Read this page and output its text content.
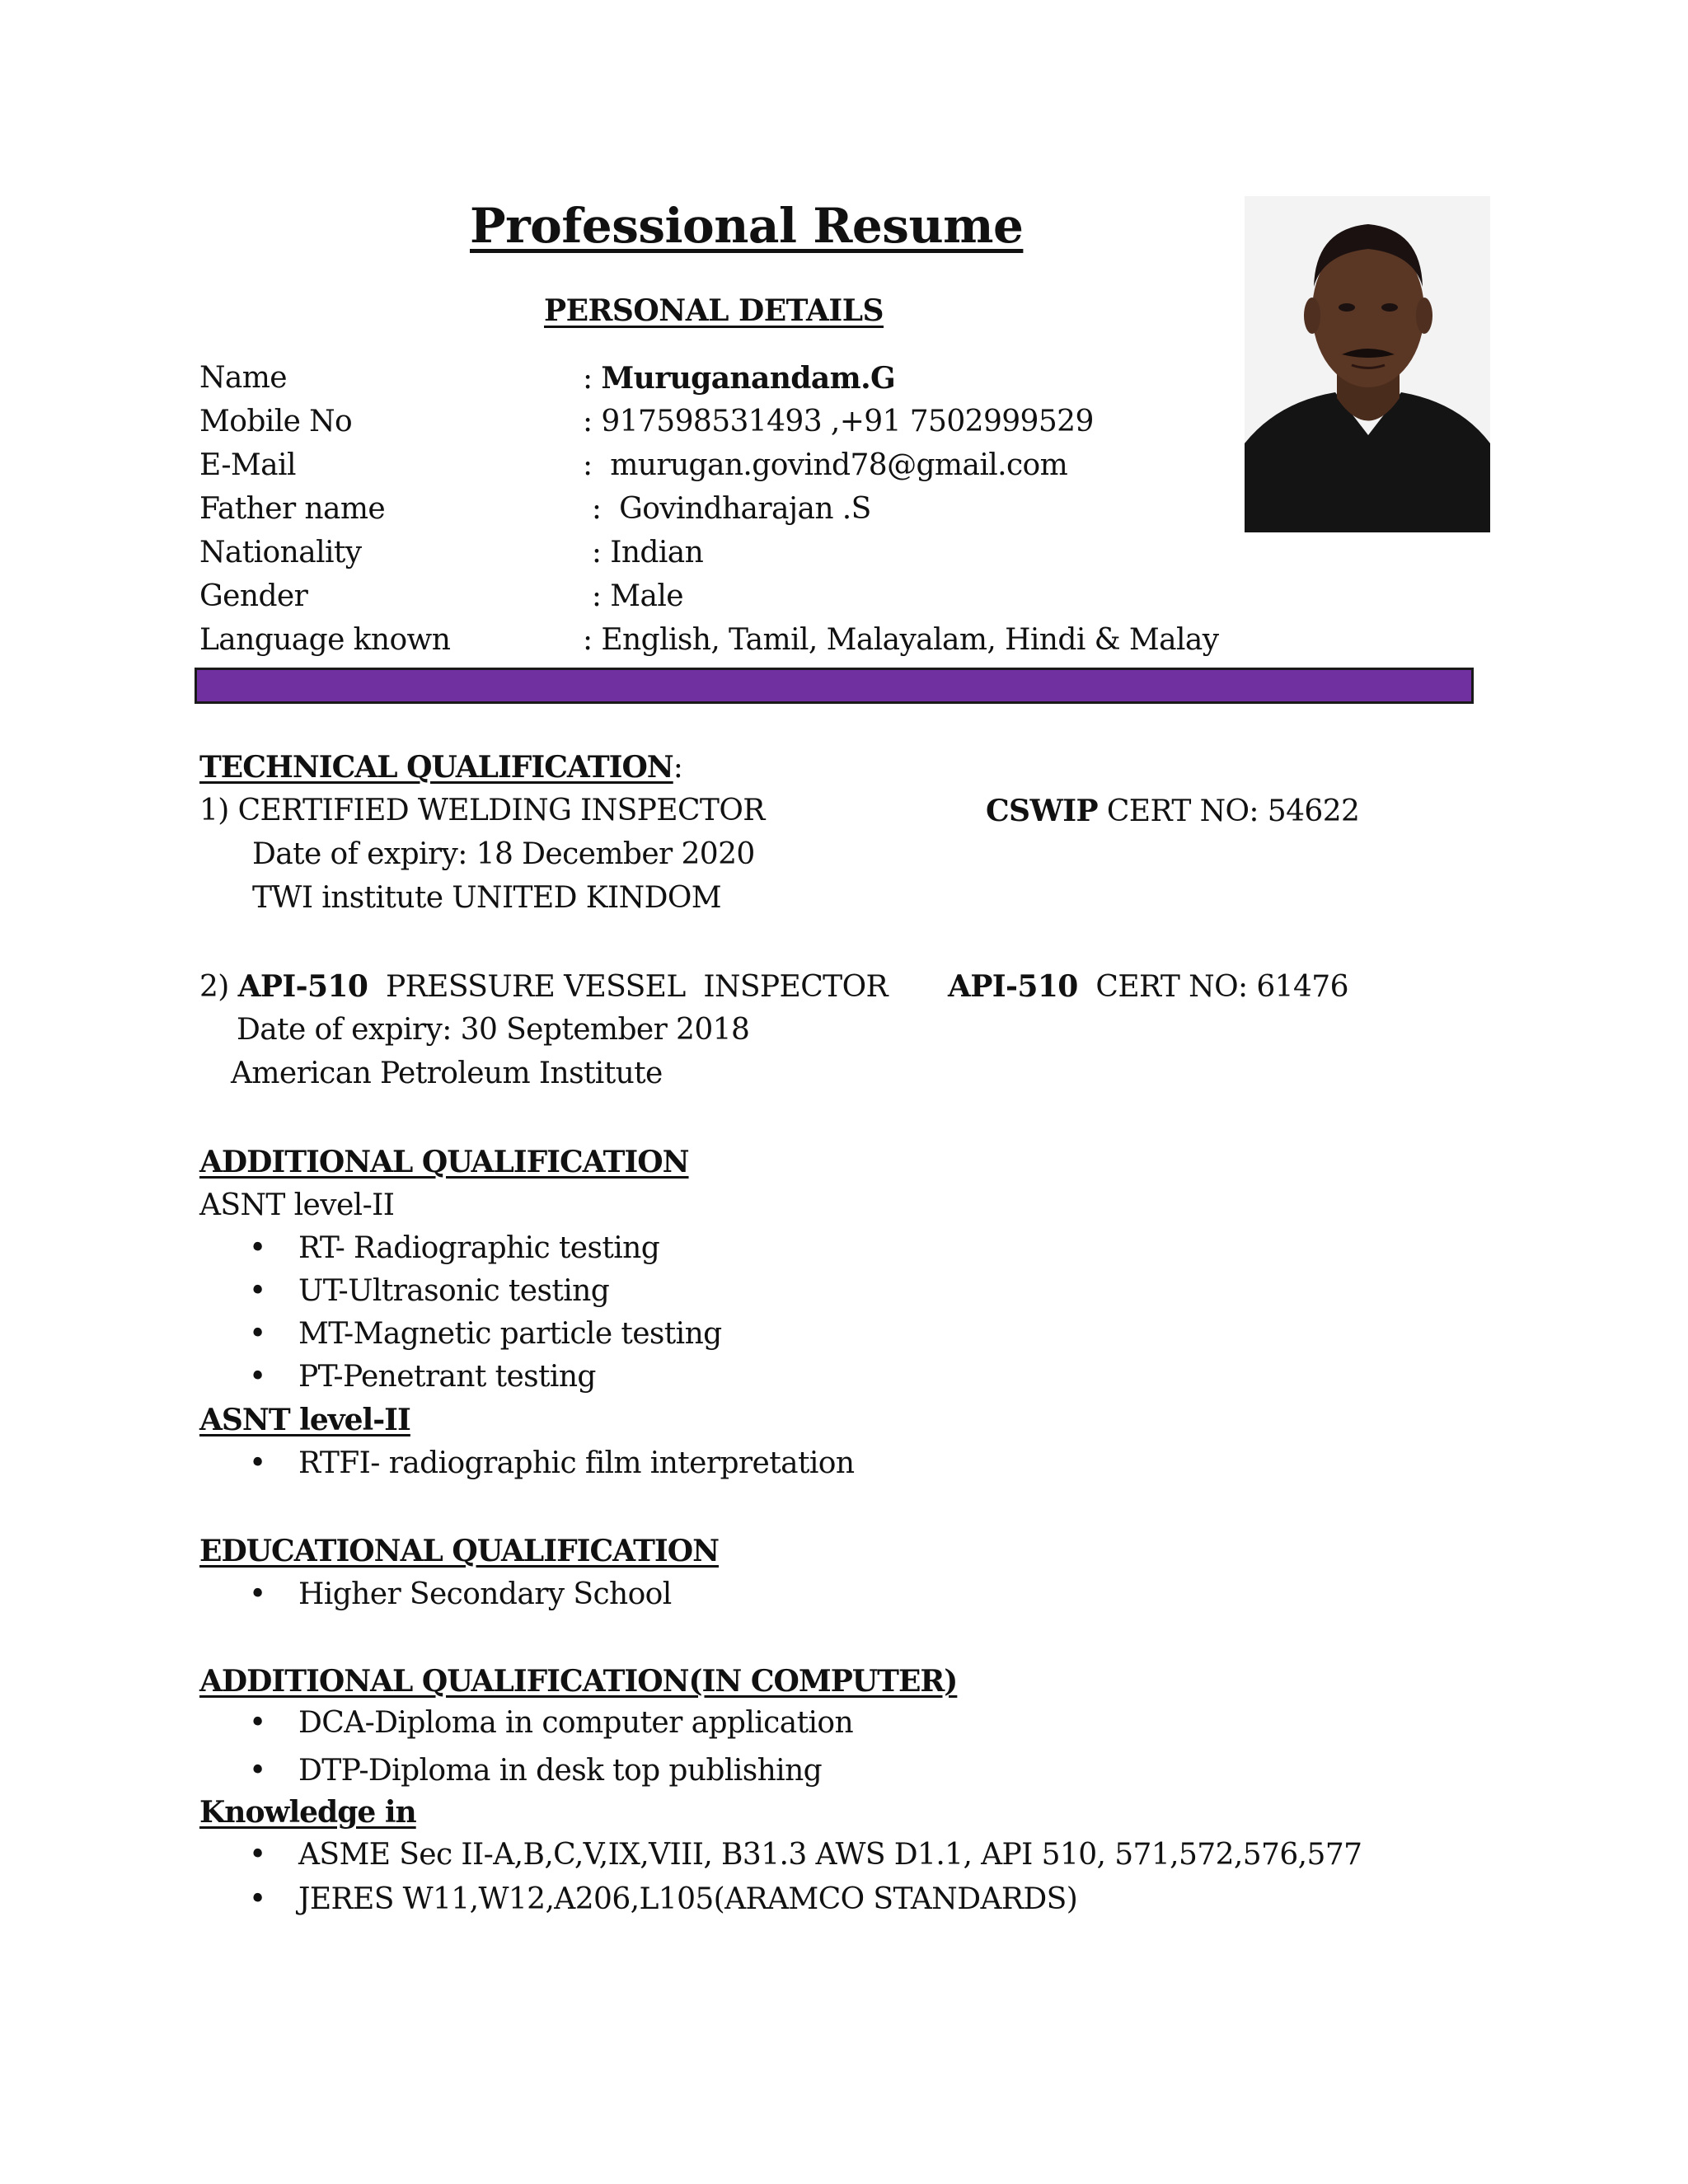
Professional Resume
PERSONAL DETAILS
Name	: Muruganandam.G
Mobile No	: 917598531493 ,+91 7502999529
E-Mail	:  murugan.govind78@gmail.com
Father name	:  Govindharajan .S
Nationality	: Indian
Gender	: Male
Language known	: English, Tamil, Malayalam, Hindi & Malay
TECHNICAL QUALIFICATION:
1) CERTIFIED WELDING INSPECTOR	CSWIP CERT NO: 54622
Date of expiry: 18 December 2020
TWI institute UNITED KINDOM
2) API-510  PRESSURE VESSEL  INSPECTOR API-510  CERT NO: 61476
Date of expiry: 30 September 2018
American Petroleum Institute
ADDITIONAL QUALIFICATION
ASNT level-II
•	RT- Radiographic testing
•	UT-Ultrasonic testing
•	MT-Magnetic particle testing
•	PT-Penetrant testing
ASNT level-II
•	RTFI- radiographic film interpretation
EDUCATIONAL QUALIFICATION
•	Higher Secondary School
ADDITIONAL QUALIFICATION(IN COMPUTER)
•	DCA-Diploma in computer application
•	DTP-Diploma in desk top publishing
Knowledge in
•	ASME Sec II-A,B,C,V,IX,VIII, B31.3 AWS D1.1, API 510, 571,572,576,577
•	JERES W11,W12,A206,L105(ARAMCO STANDARDS)
